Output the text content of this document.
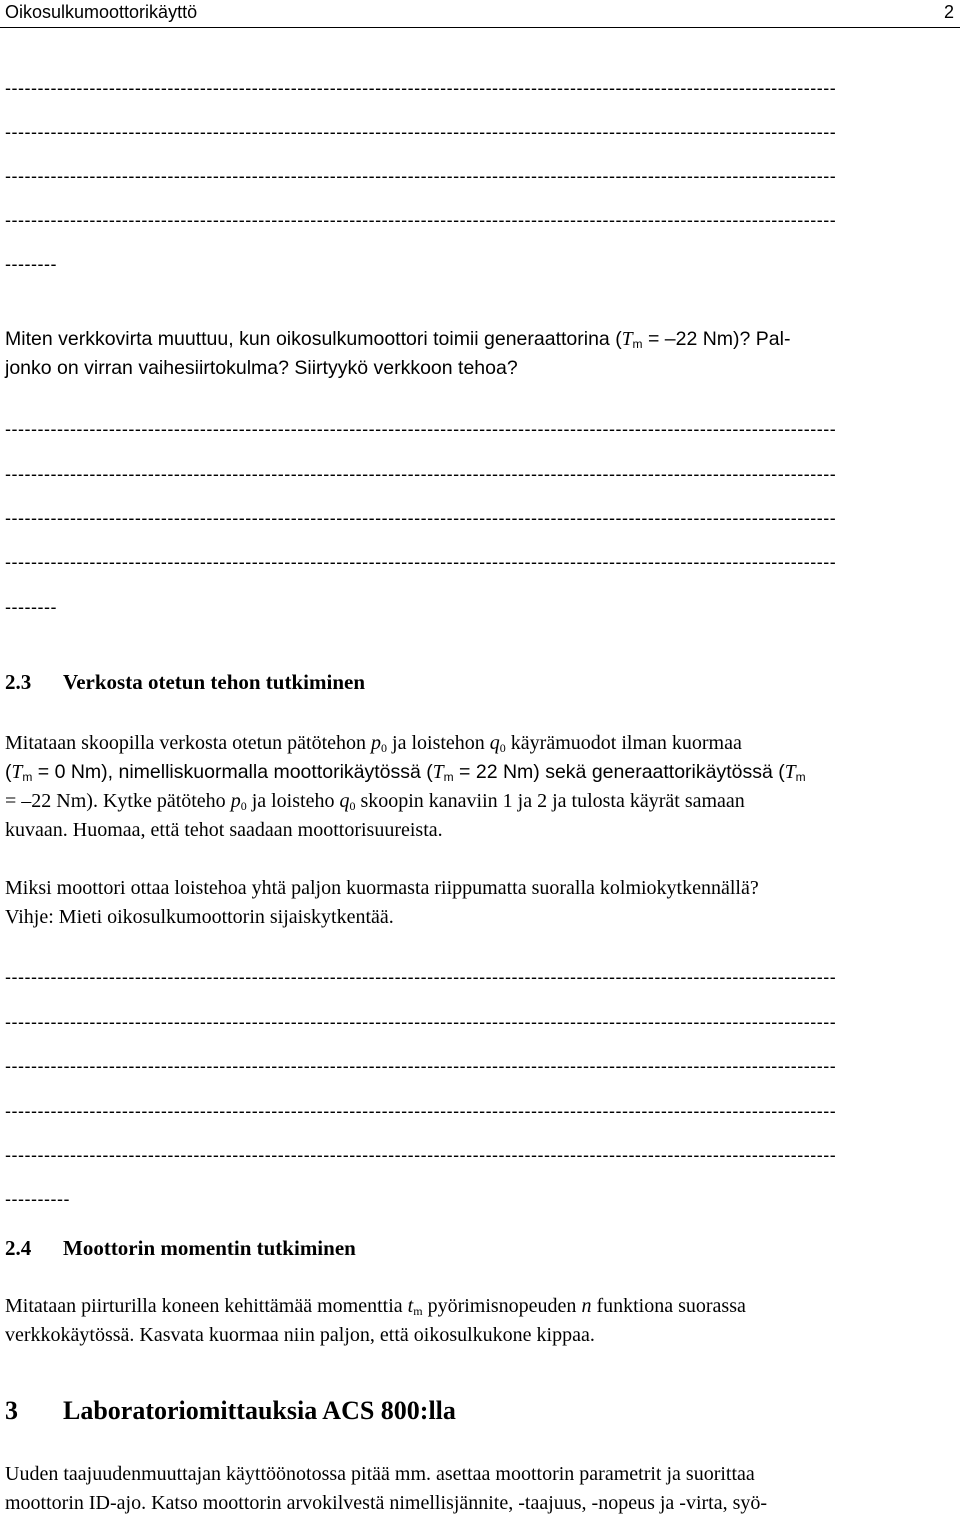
Oikosulkumoottorikäyttö	2
--------------------------------------------------------------------------------------------------------------------------------
--------------------------------------------------------------------------------------------------------------------------------
--------------------------------------------------------------------------------------------------------------------------------
--------------------------------------------------------------------------------------------------------------------------------
--------

Miten verkkovirta muuttuu, kun oikosulkumoottori toimii generaattorina ($T_m = -22$ Nm)? Pal-

jonko on virran vaihesiirtokulma? Siirtyykö verkkoon tehoa?

--------------------------------------------------------------------------------------------------------------------------------
--------------------------------------------------------------------------------------------------------------------------------
--------------------------------------------------------------------------------------------------------------------------------
--------------------------------------------------------------------------------------------------------------------------------
--------
2.3 Verkosta otetun tehon tutkiminen

Mitataan skoopilla verkosta otetun pätötehon $p_0$ ja loistehon $q_0$ käyrämuodot ilman kuormaa

($T_m = 0$ Nm), nimelliskuormalla moottorikäytössä ($T_m = 22$ Nm) sekä generaattorikäytössä ($T_m$

= –22 Nm). Kytke pätöteho $p_0$ ja loisteho $q_0$ skoopin kanaviin 1 ja 2 ja tulosta käyrät samaan

kuvaan. Huomaa, että tehot saadaan moottorisuureista.

Miksi moottori ottaa loistehoa yhtä paljon kuormasta riippumatta suoralla kolmiokytkennällä?

Vihje: Mieti oikosulkumoottorin sijaiskytkentää.

--------------------------------------------------------------------------------------------------------------------------------
--------------------------------------------------------------------------------------------------------------------------------
--------------------------------------------------------------------------------------------------------------------------------
--------------------------------------------------------------------------------------------------------------------------------
--------------------------------------------------------------------------------------------------------------------------------
----------
2.4 Moottorin momentin tutkiminen

Mitataan piirturilla koneen kehittämää momenttia $t_m$ pyörimisnopeuden n funktiona suorassa

verkkokäytössä. Kasvata kuormaa niin paljon, että oikosulkukone kippaa.

3 Laboratoriomittauksia ACS 800:lla

Uuden taajuudenmuuttajan käyttöönotossa pitää mm. asettaa moottorin parametrit ja suorittaa

moottorin ID-ajo. Katso moottorin arvokilvestä nimellisjännite, -taajuus, -nopeus ja -virta, syö-
